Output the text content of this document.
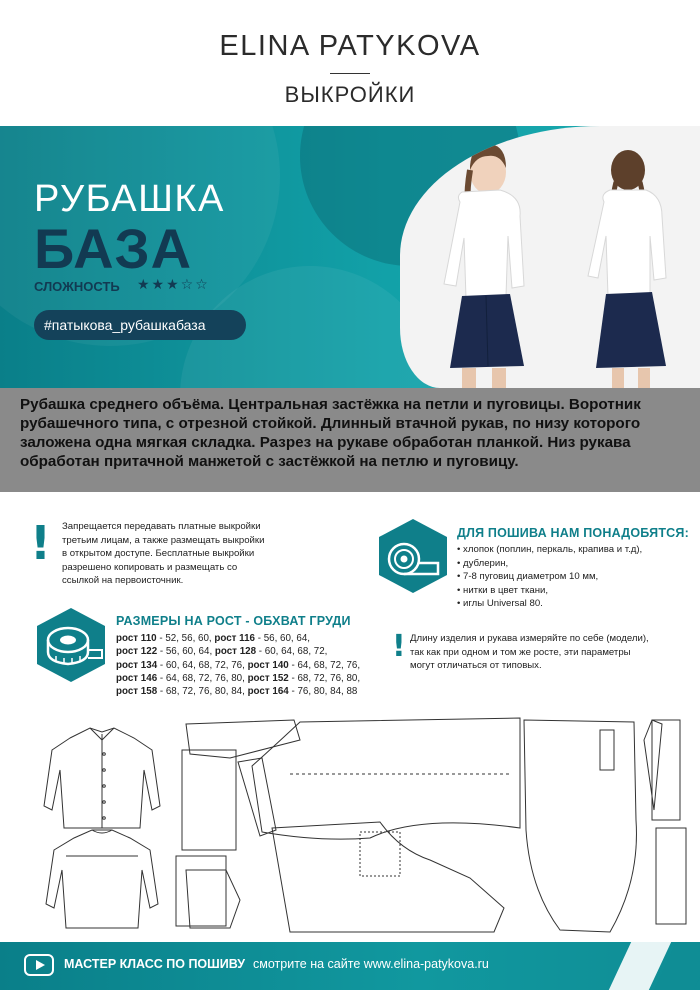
ELINA PATYKOVA
ВЫКРОЙКИ
РУБАШКА
БАЗА
СЛОЖНОСТЬ ★★★☆☆
#патыкова_рубашкабаза

Рубашка среднего объёма. Центральная застёжка на петли и пуговицы. Воротник рубашечного типа, с отрезной стойкой. Длинный втачной рукав, по низу которого заложена одна мягкая складка. Разрез на рукаве обработан планкой. Низ рукава обработан притачной манжетой с застёжкой на петлю и пуговицу.

! Запрещается передавать платные выкройки
третьим лицам, а также размещать выкройки
в открытом доступе. Бесплатные выкройки
разрешено копировать и размещать со
ссылкой на первоисточник.
ДЛЯ ПОШИВА НАМ ПОНАДОБЯТСЯ:
• хлопок (поплин, перкаль, крапива и т.д),
• дублерин,
• 7-8 пуговиц диаметром 10 мм,
• нитки в цвет ткани,
• иглы Universal 80.
РАЗМЕРЫ НА РОСТ - ОБХВАТ ГРУДИ
рост 110 - 52, 56, 60, рост 116 - 56, 60, 64,
рост 122 - 56, 60, 64, рост 128 - 60, 64, 68, 72,
рост 134 - 60, 64, 68, 72, 76, рост 140 - 64, 68, 72, 76,
рост 146 - 64, 68, 72, 76, 80, рост 152 - 68, 72, 76, 80,
рост 158 - 68, 72, 76, 80, 84, рост 164 - 76, 80, 84, 88
! Длину изделия и рукава измеряйте по себе (модели),
так как при одном и том же росте, эти параметры
могут отличаться от типовых.
МАСТЕР КЛАСС ПО ПОШИВУ смотрите на сайте www.elina-patykova.ru
